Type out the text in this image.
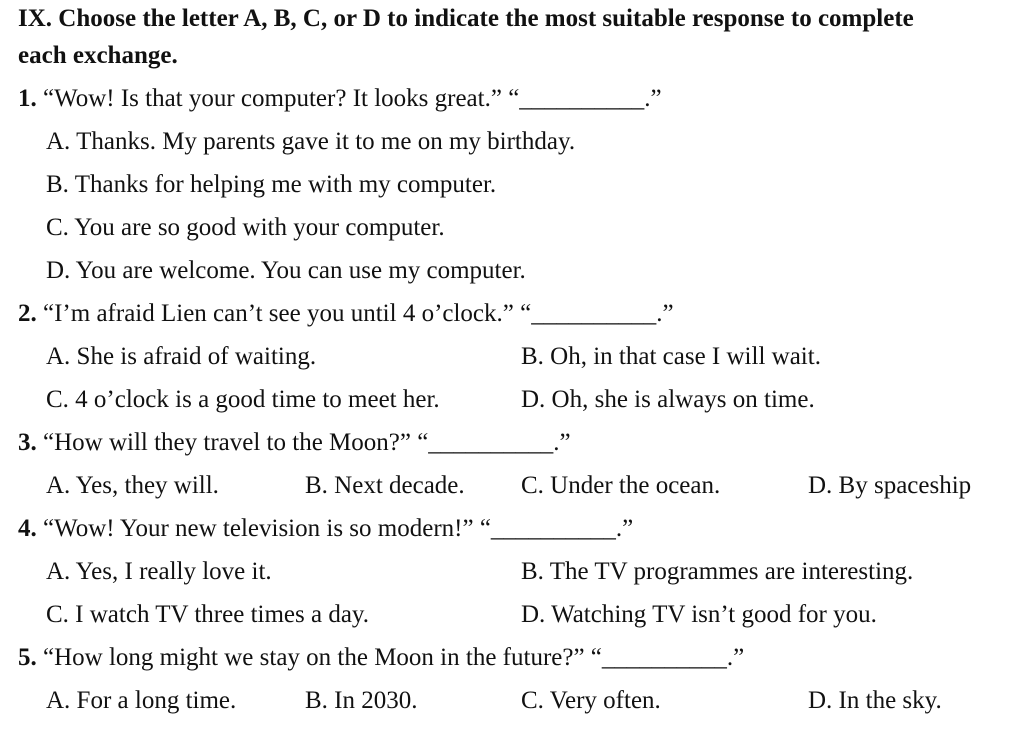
IX. Choose the letter A, B, C, or D to indicate the most suitable response to complete
each exchange.
1. “Wow! Is that your computer? It looks great.” “__________.”
A. Thanks. My parents gave it to me on my birthday.
B. Thanks for helping me with my computer.
C. You are so good with your computer.
D. You are welcome. You can use my computer.
2. “I’m afraid Lien can’t see you until 4 o’clock.” “__________.”
A. She is afraid of waiting.	B. Oh, in that case I will wait.
C. 4 o’clock is a good time to meet her.	D. Oh, she is always on time.
3. “How will they travel to the Moon?” “__________.”
A. Yes, they will.	B. Next decade. C. Under the ocean.	D. By spaceship
4. “Wow! Your new television is so modern!” “__________.”
A. Yes, I really love it.	B. The TV programmes are interesting.
C. I watch TV three times a day.	D. Watching TV isn’t good for you.
5. “How long might we stay on the Moon in the future?” “__________.”
A. For a long time.	B. In 2030.	C. Very often.	D. In the sky.
